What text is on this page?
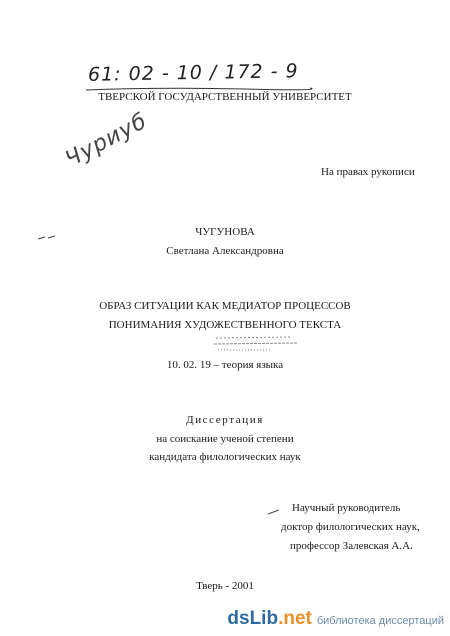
61: 02 - 10 / 172 - 9
Чуриуб
ТВЕРСКОЙ ГОСУДАРСТВЕННЫЙ УНИВЕРСИТЕТ
На правах рукописи
ЧУГУНОВА
Светлана Александровна
ОБРАЗ СИТУАЦИИ КАК МЕДИАТОР ПРОЦЕССОВ
ПОНИМАНИЯ ХУДОЖЕСТВЕННОГО ТЕКСТА
10. 02. 19 – теория языка
Диссертация
на соискание ученой степени
кандидата филологических наук
Научный руководитель
доктор филологических наук,
профессор Залевская А.А.
Тверь - 2001
dsLib.net библиотека диссертаций
